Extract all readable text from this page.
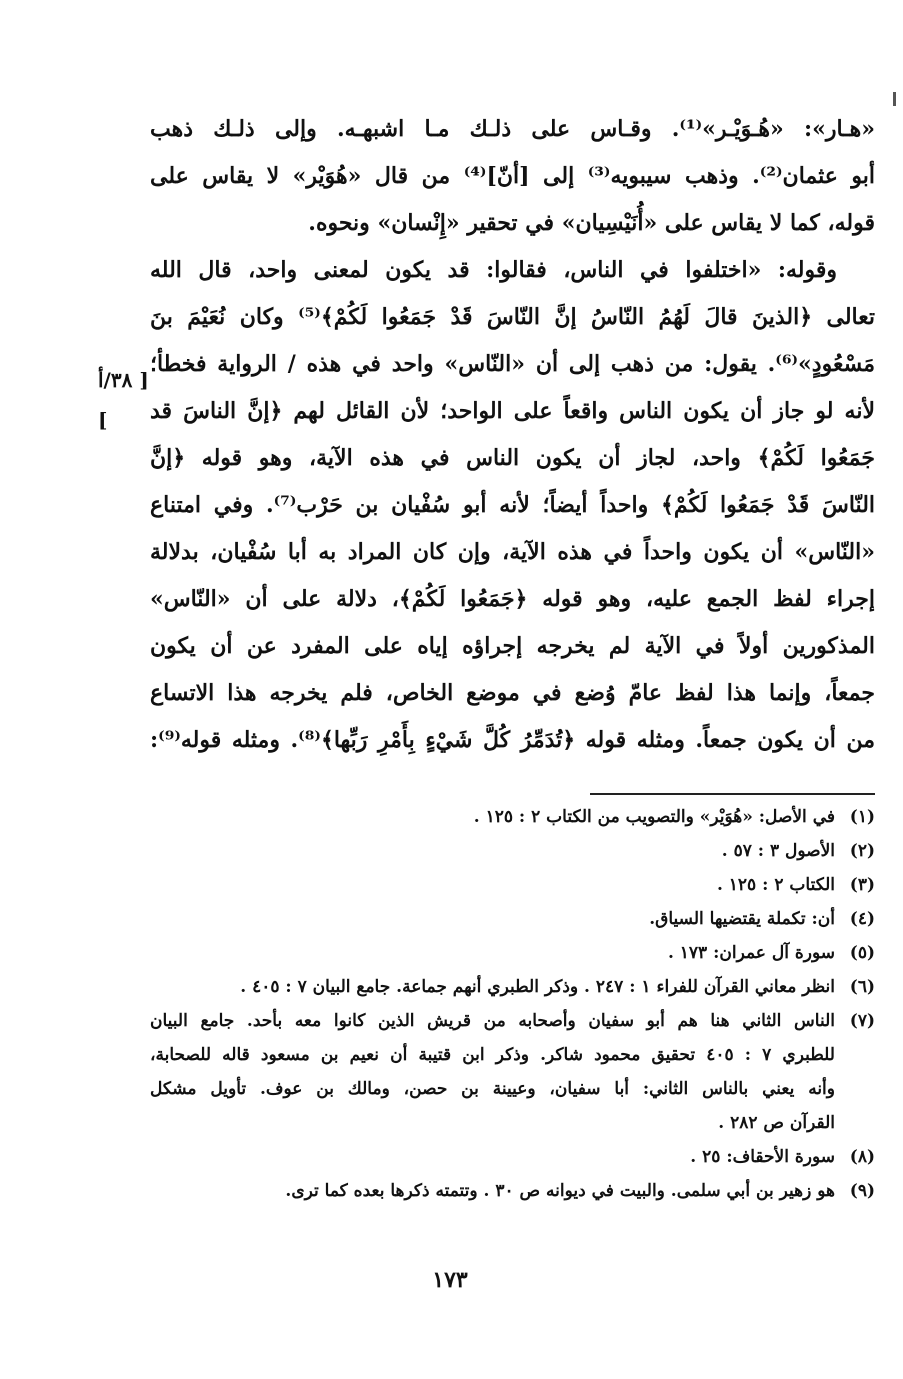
«هـار»: «هُـوَيْـر»⁽¹⁾. وقـاس على ذلـك مـا اشبهـه. وإلى ذلـك ذهب
أبو عثمان⁽²⁾. وذهب سيبويه⁽³⁾ إلى [أنّ]⁽⁴⁾ من قال «هُوَيْر» لا يقاس على
قوله، كما لا يقاس على «أُنَيْسِيان» في تحقير «إِنْسان» ونحوه.
وقوله: «اختلفوا في الناس، فقالوا: قد يكون لمعنى واحد، قال الله
تعالى ﴿الذينَ قالَ لَهُمُ النّاسُ إنَّ النّاسَ قَدْ جَمَعُوا لَكُمْ﴾⁽⁵⁾ وكان نُعَيْمَ بنَ
مَسْعُودٍ»⁽⁶⁾. يقول: من ذهب إلى أن «النّاس» واحد في هذه / الرواية فخطأ؛
لأنه لو جاز أن يكون الناس واقعاً على الواحد؛ لأن القائل لهم ﴿إنَّ الناسَ قد
جَمَعُوا لَكُمْ﴾ واحد، لجاز أن يكون الناس في هذه الآية، وهو قوله ﴿إنَّ
النّاسَ قَدْ جَمَعُوا لَكُمْ﴾ واحداً أيضاً؛ لأنه أبو سُفْيان بن حَرْب⁽⁷⁾. وفي امتناع
«النّاس» أن يكون واحداً في هذه الآية، وإن كان المراد به أبا سُفْيان، بدلالة
إجراء لفظ الجمع عليه، وهو قوله ﴿جَمَعُوا لَكُمْ﴾، دلالة على أن «النّاس»
المذكورين أولاً في الآية لم يخرجه إجراؤه إياه على المفرد عن أن يكون
جمعاً، وإنما هذا لفظ عامّ وُضع في موضع الخاص، فلم يخرجه هذا الاتساع
من أن يكون جمعاً. ومثله قوله ﴿تُدَمِّرُ كُلَّ شَيْءٍ بِأَمْرِ رَبِّها﴾⁽⁸⁾. ومثله قوله⁽⁹⁾:
[ ٣٨/أ ]
(١)
في الأصل: «هُوَيْر» والتصويب من الكتاب ٢ : ١٢٥ .
(٢)
الأصول ٣ : ٥٧ .
(٣)
الكتاب ٢ : ١٢٥ .
(٤)
أن: تكملة يقتضيها السياق.
(٥)
سورة آل عمران: ١٧٣ .
(٦)
انظر معاني القرآن للفراء ١ : ٢٤٧ . وذكر الطبري أنهم جماعة. جامع البيان ٧ : ٤٠٥ .
(٧)
الناس الثاني هنا هم أبو سفيان وأصحابه من قريش الذين كانوا معه بأحد. جامع البيان
للطبري ٧ : ٤٠٥ تحقيق محمود شاكر. وذكر ابن قتيبة أن نعيم بن مسعود قاله للصحابة،
وأنه يعني بالناس الثاني: أبا سفيان، وعيينة بن حصن، ومالك بن عوف. تأويل مشكل
القرآن ص ٢٨٢ .
(٨)
سورة الأحقاف: ٢٥ .
(٩)
هو زهير بن أبي سلمى. والبيت في ديوانه ص ٣٠ . وتتمته ذكرها بعده كما ترى.
١٧٣
